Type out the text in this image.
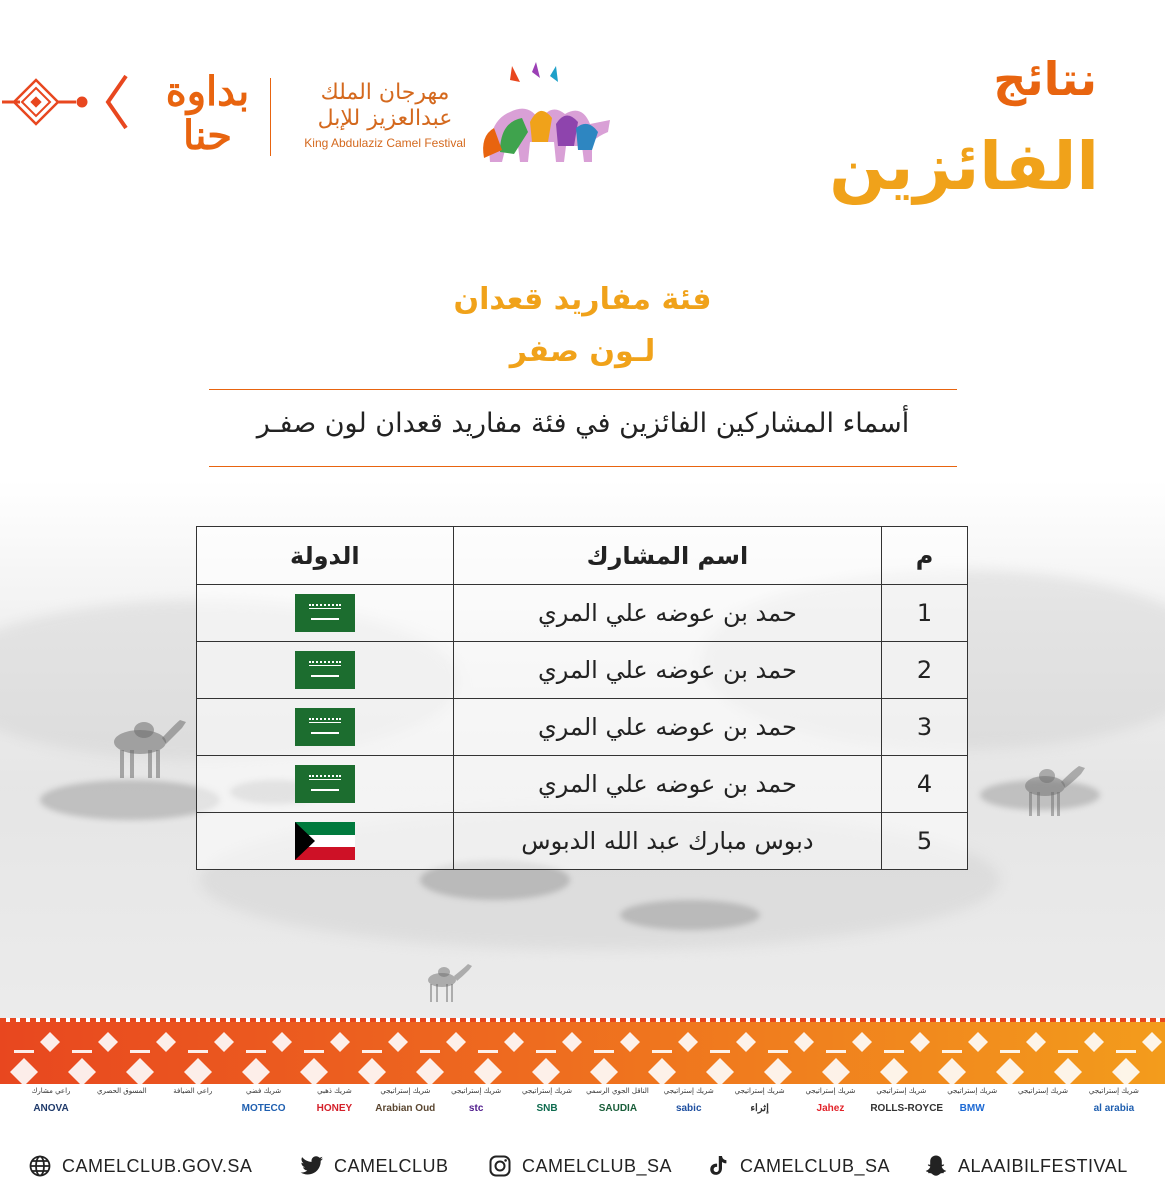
نتائج
الفائزين
مهرجان الملك
عبدالعزيز للإبل
King Abdulaziz Camel Festival
بداوة حنا
فئة مفاريد قعدان
لـون صفر
أسماء المشاركين الفائزين في فئة مفاريد قعدان لون صفـر
م	اسم المشارك	الدولة
1	حمد بن عوضه علي المري	

2	حمد بن عوضه علي المري	

3	حمد بن عوضه علي المري	

4	حمد بن عوضه علي المري	

5	دبوس مبارك عبد الله الدبوس	
شريك إستراتيجي
al arabia
شريك إستراتيجي
شريك إستراتيجي
BMW
شريك إستراتيجي
ROLLS-ROYCE
شريك إستراتيجي
Jahez
شريك إستراتيجي
إثراء
شريك إستراتيجي
sabic
الناقل الجوي الرسمي
SAUDIA
شريك إستراتيجي
SNB
شريك إستراتيجي
stc
شريك إستراتيجي
Arabian Oud
شريك ذهبي
HONEY
شريك فضي
MOTECO
راعي الضيافة
المسوق الحصري
راعي مشارك
ANOVA
CAMELCLUB.GOV.SA	CAMELCLUB	CAMELCLUB_SA	CAMELCLUB_SA	ALAAIBILFESTIVAL
